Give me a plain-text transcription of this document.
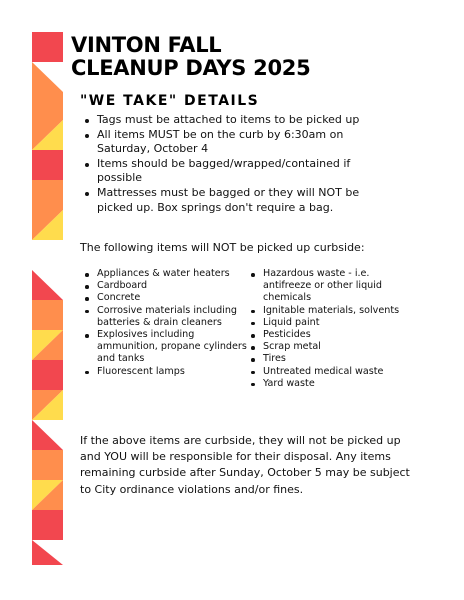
VINTON FALL
CLEANUP DAYS 2025
"WE TAKE" DETAILS
Tags must be attached to items to be picked up
All items MUST be on the curb by 6:30am on Saturday, October 4
Items should be bagged/wrapped/contained if possible
Mattresses must be bagged or they will NOT be picked up. Box springs don't require a bag.

The following items will NOT be picked up curbside:

Appliances & water heaters
Cardboard
Concrete
Corrosive materials including batteries & drain cleaners
Explosives including ammunition, propane cylinders and tanks
Fluorescent lamps
Hazardous waste - i.e. antifreeze or other liquid chemicals
Ignitable materials, solvents
Liquid paint
Pesticides
Scrap metal
Tires
Untreated medical waste
Yard waste

If the above items are curbside, they will not be picked up and YOU will be responsible for their disposal. Any items remaining curbside after Sunday, October 5 may be subject to City ordinance violations and/or fines.
